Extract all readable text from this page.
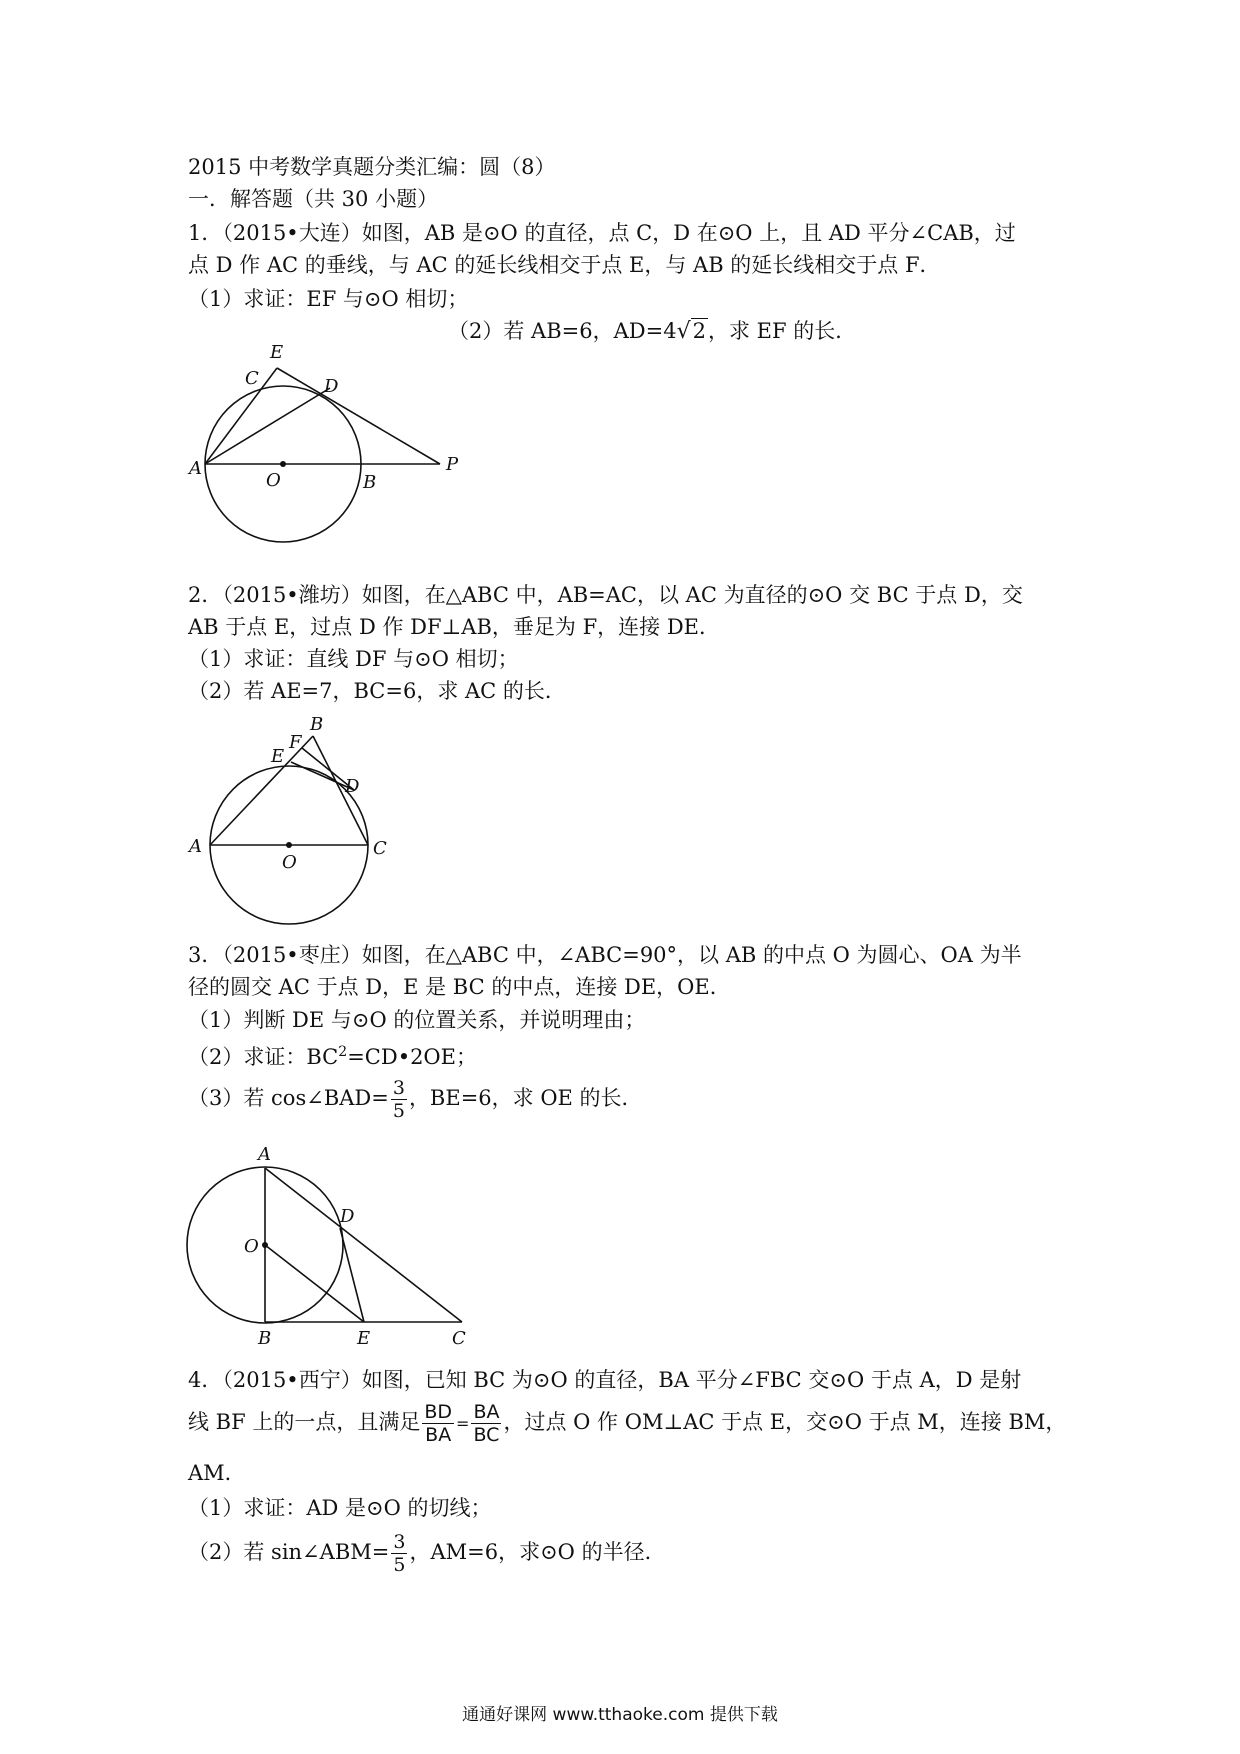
2015 中考数学真题分类汇编：圆（8）
一．解答题（共 30 小题）
1．（2015•大连）如图，AB 是⊙O 的直径，点 C，D 在⊙O 上，且 AD 平分∠CAB，过
点 D 作 AC 的垂线，与 AC 的延长线相交于点 E，与 AB 的延长线相交于点 F．
（1）求证：EF 与⊙O 相切；
（2）若 AB=6，AD=4√2，求 EF 的长．
E
C	D
A
O	B
P
2．（2015•潍坊）如图，在△ABC 中，AB=AC，以 AC 为直径的⊙O 交 BC 于点 D，交
AB 于点 E，过点 D 作 DF⊥AB，垂足为 F，连接 DE．
（1）求证：直线 DF 与⊙O 相切；
（2）若 AE=7，BC=6，求 AC 的长．
B
F
E
D
A
O
C
3．（2015•枣庄）如图，在△ABC 中，∠ABC=90°，以 AB 的中点 O 为圆心、OA 为半
径的圆交 AC 于点 D，E 是 BC 的中点，连接 DE，OE．
（1）判断 DE 与⊙O 的位置关系，并说明理由；
（2）求证：$BC^2=CD•2OE$；
（3）若 cos∠BAD= $\frac{3}{5}$ ，BE=6，求 OE 的长．
A
D
O
B	E	C
4．（2015•西宁）如图，已知 BC 为⊙O 的直径，BA 平分∠FBC 交⊙O 于点 A，D 是射
线 BF 上的一点，且满足 $\frac{BD}{BA} = \frac{BA}{BC}$ ，过点 O 作 OM⊥AC 于点 E，交⊙O 于点 M，连接 BM，
AM．
（1）求证：AD 是⊙O 的切线；
（2）若 sin∠ABM= $\frac{3}{5}$ ，AM=6，求⊙O 的半径．
通通好课网 www.tthaoke.com 提供下载
